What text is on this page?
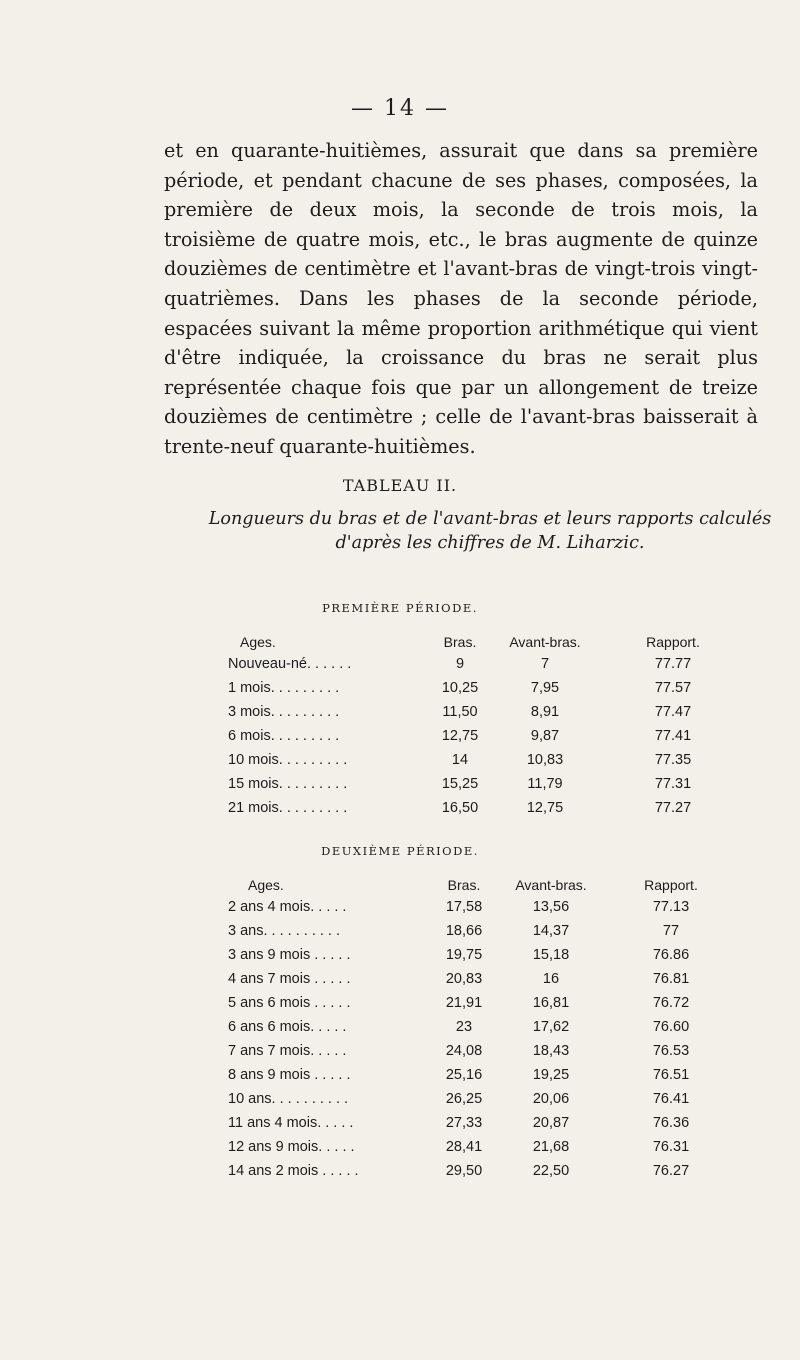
— 14 —

et en quarante-huitièmes, assurait que dans sa première période, et pendant chacune de ses phases, composées, la première de deux mois, la seconde de trois mois, la troisième de quatre mois, etc., le bras augmente de quinze douzièmes de centimètre et l'avant-bras de vingt-trois vingt-quatrièmes. Dans les phases de la seconde période, espacées suivant la même proportion arithmétique qui vient d'être indiquée, la croissance du bras ne serait plus représentée chaque fois que par un allongement de treize douzièmes de centimètre ; celle de l'avant-bras baisserait à trente-neuf quarante-huitièmes.

TABLEAU II.
Longueurs du bras et de l'avant-bras et leurs rapports calculés
d'après les chiffres de M. Liharzic.
PREMIÈRE PÉRIODE.
Ages.	Bras.	Avant-bras.	Rapport.
Nouveau-né. . . . . .	9	7	77.77
1 mois. . . . . . . . .	10,25	7,95	77.57
3 mois. . . . . . . . .	11,50	8,91	77.47
6 mois. . . . . . . . .	12,75	9,87	77.41
10 mois. . . . . . . . .	14	10,83	77.35
15 mois. . . . . . . . .	15,25	11,79	77.31
21 mois. . . . . . . . .	16,50	12,75	77.27
DEUXIÈME PÉRIODE.
Ages.	Bras.	Avant-bras.	Rapport.
2 ans 4 mois. . . . .	17,58	13,56	77.13
3 ans. . . . . . . . . .	18,66	14,37	77
3 ans 9 mois . . . . .	19,75	15,18	76.86
4 ans 7 mois . . . . .	20,83	16	76.81
5 ans 6 mois . . . . .	21,91	16,81	76.72
6 ans 6 mois. . . . .	23	17,62	76.60
7 ans 7 mois. . . . .	24,08	18,43	76.53
8 ans 9 mois . . . . .	25,16	19,25	76.51
10 ans. . . . . . . . . .	26,25	20,06	76.41
11 ans 4 mois. . . . .	27,33	20,87	76.36
12 ans 9 mois. . . . .	28,41	21,68	76.31
14 ans 2 mois . . . . .	29,50	22,50	76.27
